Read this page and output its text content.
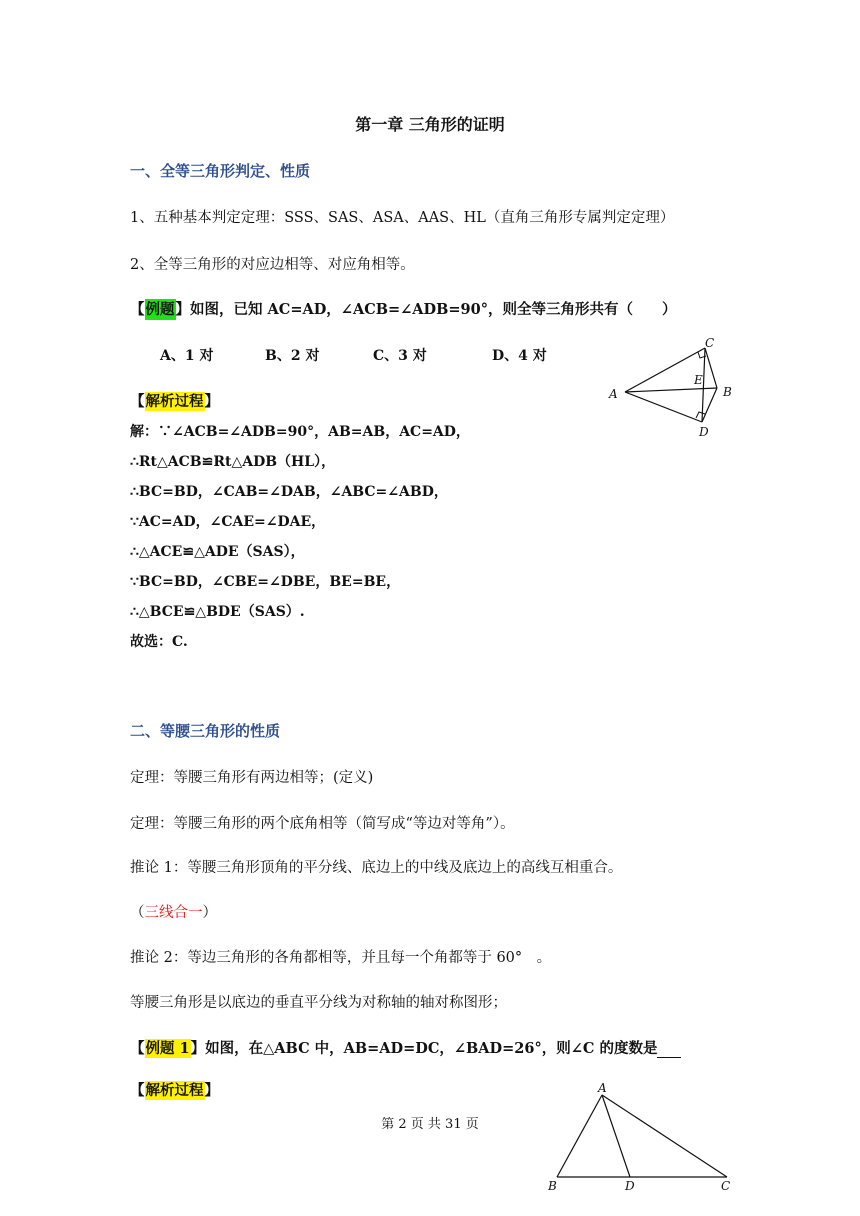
第一章 三角形的证明
一、全等三角形判定、性质
1、五种基本判定定理：SSS、SAS、ASA、AAS、HL（直角三角形专属判定定理）
2、全等三角形的对应边相等、对应角相等。
【例题】如图，已知 AC=AD，∠ACB=∠ADB=90°，则全等三角形共有（　　）
A、1 对	B、2 对	C、3 对	D、4 对
A
C
E
B
D
【解析过程】
解：∵∠ACB=∠ADB=90°，AB=AB，AC=AD，
∴Rt△ACB≌Rt△ADB（HL），
∴BC=BD，∠CAB=∠DAB，∠ABC=∠ABD，
∵AC=AD，∠CAE=∠DAE，
∴△ACE≌△ADE（SAS），
∵BC=BD，∠CBE=∠DBE，BE=BE，
∴△BCE≌△BDE（SAS）.
故选：C.
二、等腰三角形的性质
定理：等腰三角形有两边相等；(定义)
定理：等腰三角形的两个底角相等（简写成“等边对等角”）。
推论 1：等腰三角形顶角的平分线、底边上的中线及底边上的高线互相重合。
（三线合一）
推论 2：等边三角形的各角都相等，并且每一个角都等于 60°　。
等腰三角形是以底边的垂直平分线为对称轴的轴对称图形；
【例题 1】如图，在△ABC 中，AB=AD=DC，∠BAD=26°，则∠C 的度数是
【解析过程】	A
B	D	C
第 2 页 共 31 页
